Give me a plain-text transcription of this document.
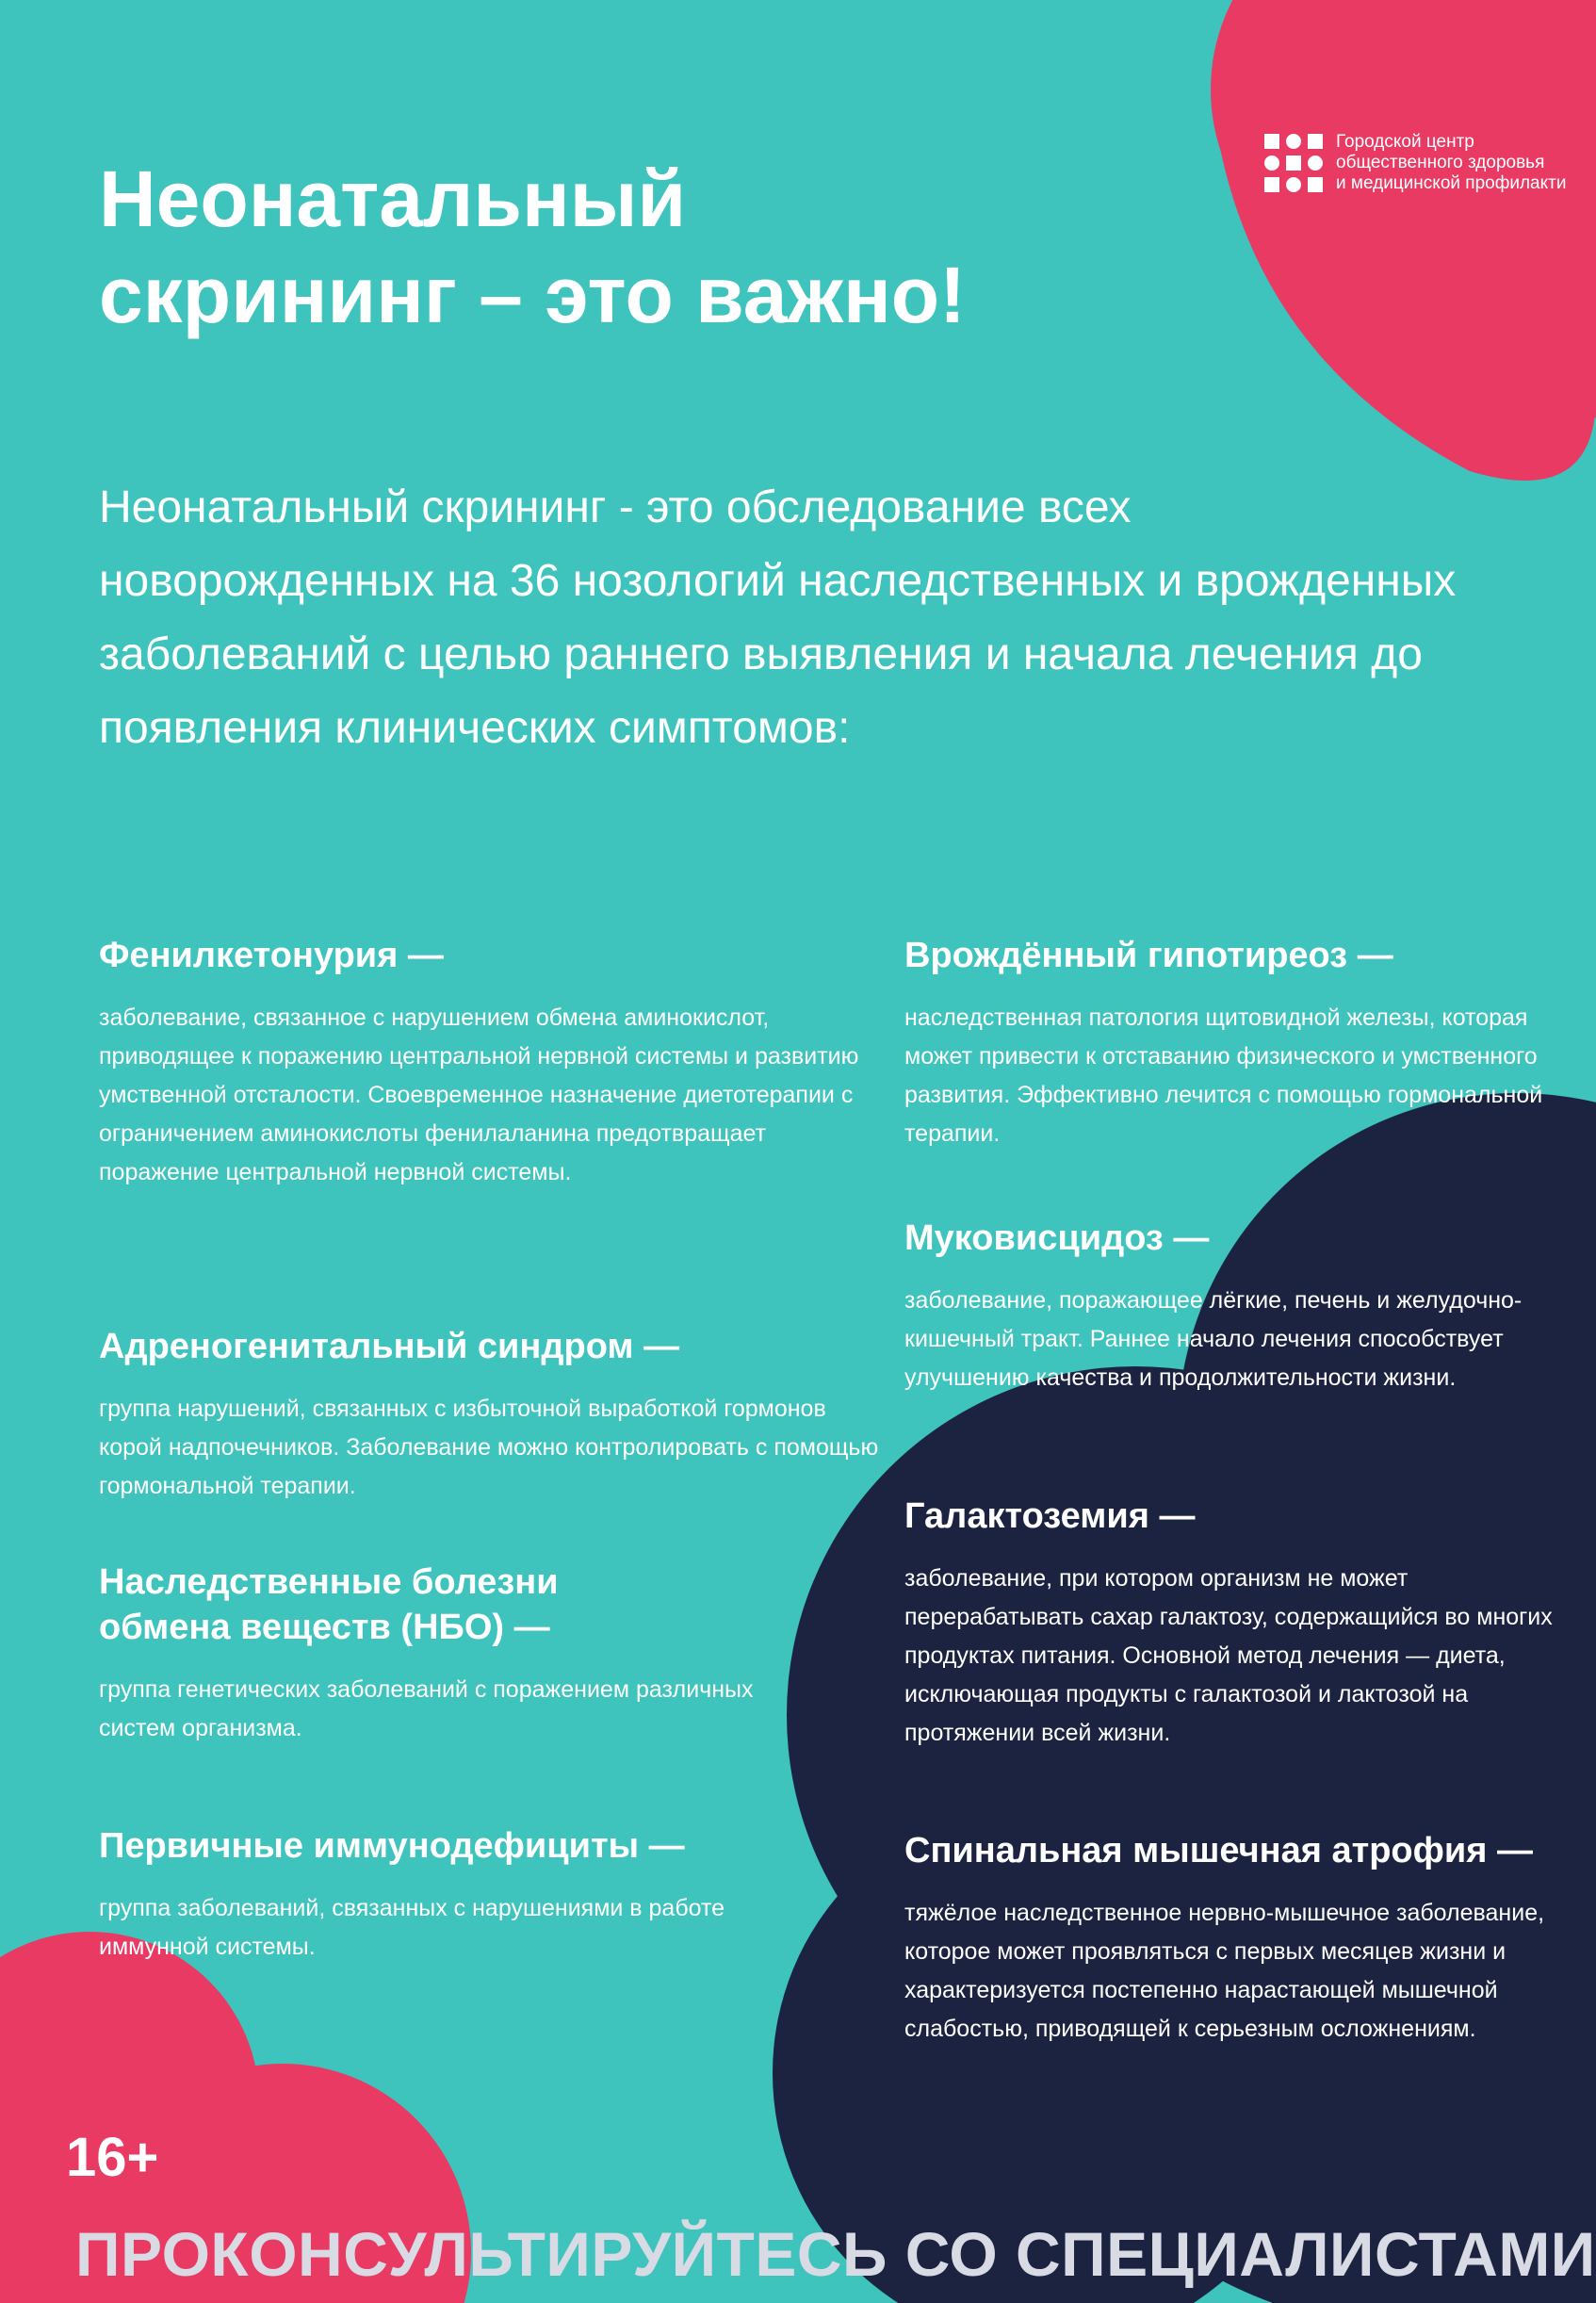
Городской центр
общественного здоровья
и медицинской профилакти
Неонатальный
скрининг – это важно!

Неонатальный скрининг - это обследование всех новорожденных на 36 нозологий наследственных и врожденных заболеваний с целью раннего выявления и начала лечения до появления клинических симптомов:

Фенилкетонурия —

заболевание, связанное с нарушением обмена аминокислот, приводящее к поражению центральной нервной системы и развитию умственной отсталости. Своевременное назначение диетотерапии с ограничением аминокислоты фенилаланина предотвращает поражение центральной нервной системы.

Адреногенитальный синдром —

группа нарушений, связанных с избыточной выработкой гормонов корой надпочечников. Заболевание можно контролировать с помощью гормональной терапии.

Наследственные болезни обмена веществ (НБО) —

группа генетических заболеваний с поражением различных систем организма.

Первичные иммунодефициты —

группа заболеваний, связанных с нарушениями в работе иммунной системы.

Врождённый гипотиреоз —

наследственная патология щитовидной железы, которая может привести к отставанию физического и умственного развития. Эффективно лечится с помощью гормональной терапии.

Муковисцидоз —

заболевание, поражающее лёгкие, печень и желудочно-кишечный тракт. Раннее начало лечения способствует улучшению качества и продолжительности жизни.

Галактоземия —

заболевание, при котором организм не может перерабатывать сахар галактозу, содержащийся во многих продуктах питания. Основной метод лечения — диета, исключающая продукты с галактозой и лактозой на протяжении всей жизни.

Спинальная мышечная атрофия —

тяжёлое наследственное нервно-мышечное заболевание, которое может проявляться с первых месяцев жизни и характеризуется постепенно нарастающей мышечной слабостью, приводящей к серьезным осложнениям.

16+
ПРОКОНСУЛЬТИРУЙТЕСЬ СО СПЕЦИАЛИСТАМИ
